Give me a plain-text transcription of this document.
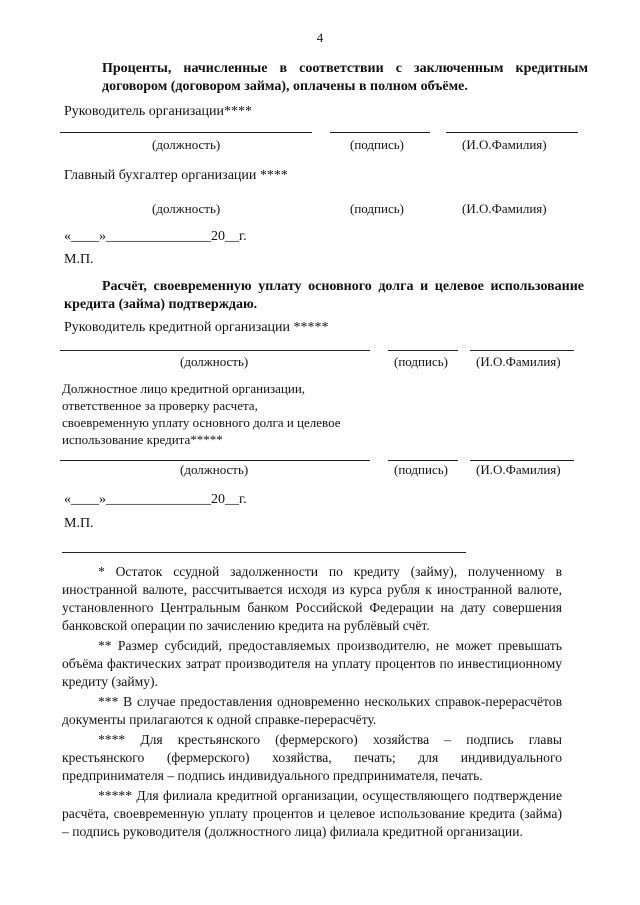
4
Проценты, начисленные в соответствии с заключенным кредитным договором (договором займа), оплачены в полном объёме.
Руководитель организации****
(должность)	(подпись)	(И.О.Фамилия)
Главный бухгалтер организации ****
(должность)	(подпись)	(И.О.Фамилия)
«____»_______________20__г.
М.П.
Расчёт, своевременную уплату основного долга и целевое использование кредита (займа) подтверждаю.
Руководитель кредитной организации *****
(должность)	(подпись) (И.О.Фамилия)
Должностное лицо кредитной организации,
ответственное за проверку расчета,
своевременную уплату основного долга и целевое
использование кредита*****
(должность)	(подпись) (И.О.Фамилия)
«____»_______________20__г.
М.П.
* Остаток ссудной задолженности по кредиту (займу), полученному в иностранной валюте, рассчитывается исходя из курса рубля к иностранной валюте, установленного Центральным банком Российской Федерации на дату совершения банковской операции по зачислению кредита на рублёвый счёт.
** Размер субсидий, предоставляемых производителю, не может превышать объёма фактических затрат производителя на уплату процентов по инвестиционному кредиту (займу).
*** В случае предоставления одновременно нескольких справок-перерасчётов документы прилагаются к одной справке-перерасчёту.
**** Для крестьянского (фермерского) хозяйства – подпись главы крестьянского (фермерского) хозяйства, печать; для индивидуального предпринимателя – подпись индивидуального предпринимателя, печать.
***** Для филиала кредитной организации, осуществляющего подтверждение расчёта, своевременную уплату процентов и целевое использование кредита (займа) – подпись руководителя (должностного лица) филиала кредитной организации.
